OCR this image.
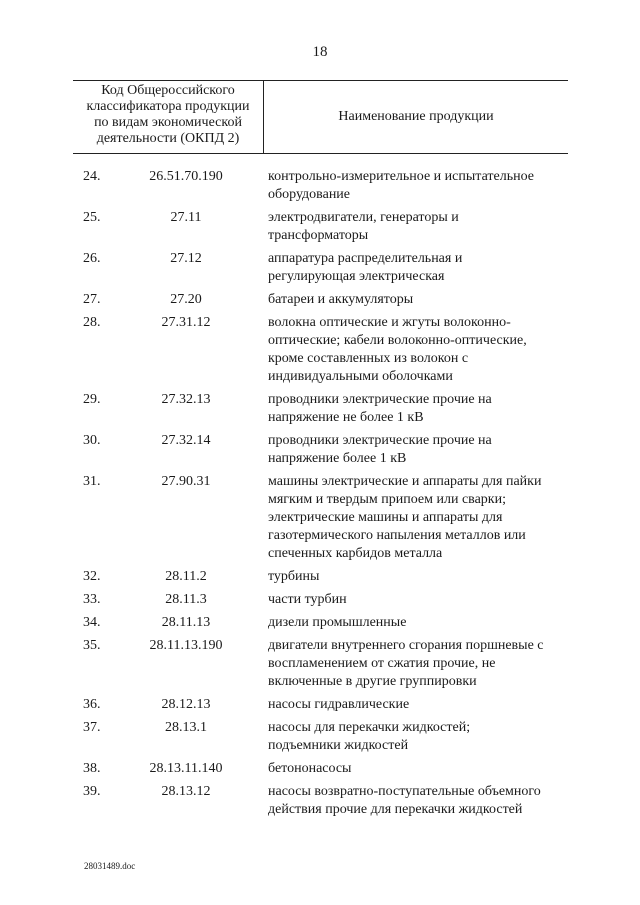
18
Код Общероссийского
классификатора продукции
по видам экономической
деятельности (ОКПД 2)
Наименование продукции
24.	26.51.70.190	контрольно-измерительное и испытательное
оборудование
25.	27.11	электродвигатели, генераторы и
трансформаторы
26.	27.12	аппаратура распределительная и
регулирующая электрическая
27.	27.20	батареи и аккумуляторы
28.	27.31.12	волокна оптические и жгуты волоконно-
оптические; кабели волоконно-оптические,
кроме составленных из волокон с
индивидуальными оболочками
29.	27.32.13	проводники электрические прочие на
напряжение не более 1 кВ
30.	27.32.14	проводники электрические прочие на
напряжение более 1 кВ
31.	27.90.31	машины электрические и аппараты для пайки
мягким и твердым припоем или сварки;
электрические машины и аппараты для
газотермического напыления металлов или
спеченных карбидов металла
32.	28.11.2	турбины
33.	28.11.3	части турбин
34.	28.11.13	дизели промышленные
35.	28.11.13.190	двигатели внутреннего сгорания поршневые с
воспламенением от сжатия прочие, не
включенные в другие группировки
36.	28.12.13	насосы гидравлические
37.	28.13.1	насосы для перекачки жидкостей;
подъемники жидкостей
38.	28.13.11.140	бетононасосы
39.	28.13.12	насосы возвратно-поступательные объемного
действия прочие для перекачки жидкостей
28031489.doc
